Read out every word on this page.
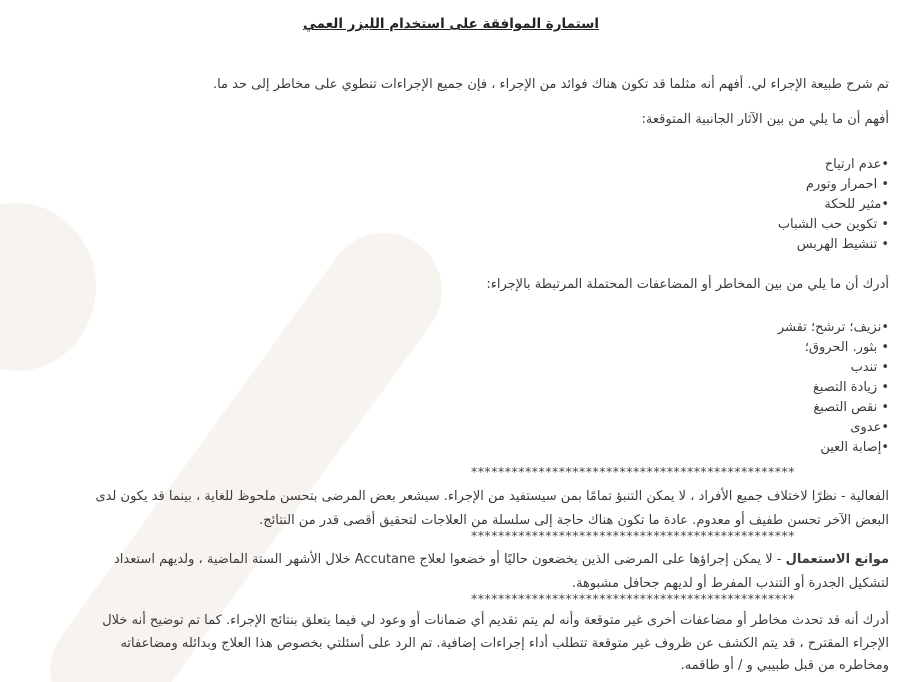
استمارة الموافقة على استخدام الليزر العمي
تم شرح طبيعة الإجراء لي. أفهم أنه مثلما قد تكون هناك فوائد من الإجراء ، فإن جميع الإجراءات تنطوي على مخاطر إلى حد ما.
أفهم أن ما يلي من بين الآثار الجانبية المتوقعة:
•عدم ارتياح
• احمرار وتورم
•مثير للحكة
• تكوين حب الشباب
• تنشيط الهربس
أدرك أن ما يلي من بين المخاطر أو المضاعفات المحتملة المرتبطة بالإجراء:
•نزيف؛ ترشح؛ تقشر
• بثور. الحروق؛
• تندب
• زيادة التصبغ
• نقص التصبغ
•عدوى
•إصابة العين
************************************************
الفعالية - نظرًا لاختلاف جميع الأفراد ، لا يمكن التنبؤ تمامًا بمن سيستفيد من الإجراء. سيشعر بعض المرضى بتحسن ملحوظ للغاية ، بينما قد يكون لدى البعض الآخر تحسن طفيف أو معدوم. عادة ما تكون هناك حاجة إلى سلسلة من العلاجات لتحقيق أقصى قدر من النتائج.
************************************************
موانع الاستعمال - لا يمكن إجراؤها على المرضى الذين يخضعون حاليًا أو خضعوا لعلاج Accutane خلال الأشهر الستة الماضية ، ولديهم استعداد لتشكيل الجدرة أو التندب المفرط أو لديهم جحافل مشبوهة.
************************************************
أدرك أنه قد تحدث مخاطر أو مضاعفات أخرى غير متوقعة وأنه لم يتم تقديم أي ضمانات أو وعود لي فيما يتعلق بنتائج الإجراء. كما تم توضيح أنه خلال الإجراء المقترح ، قد يتم الكشف عن ظروف غير متوقعة تتطلب أداء إجراءات إضافية. تم الرد على أسئلتي بخصوص هذا العلاج وبدائله ومضاعفاته ومخاطره من قبل طبيبي و / أو طاقمه.
